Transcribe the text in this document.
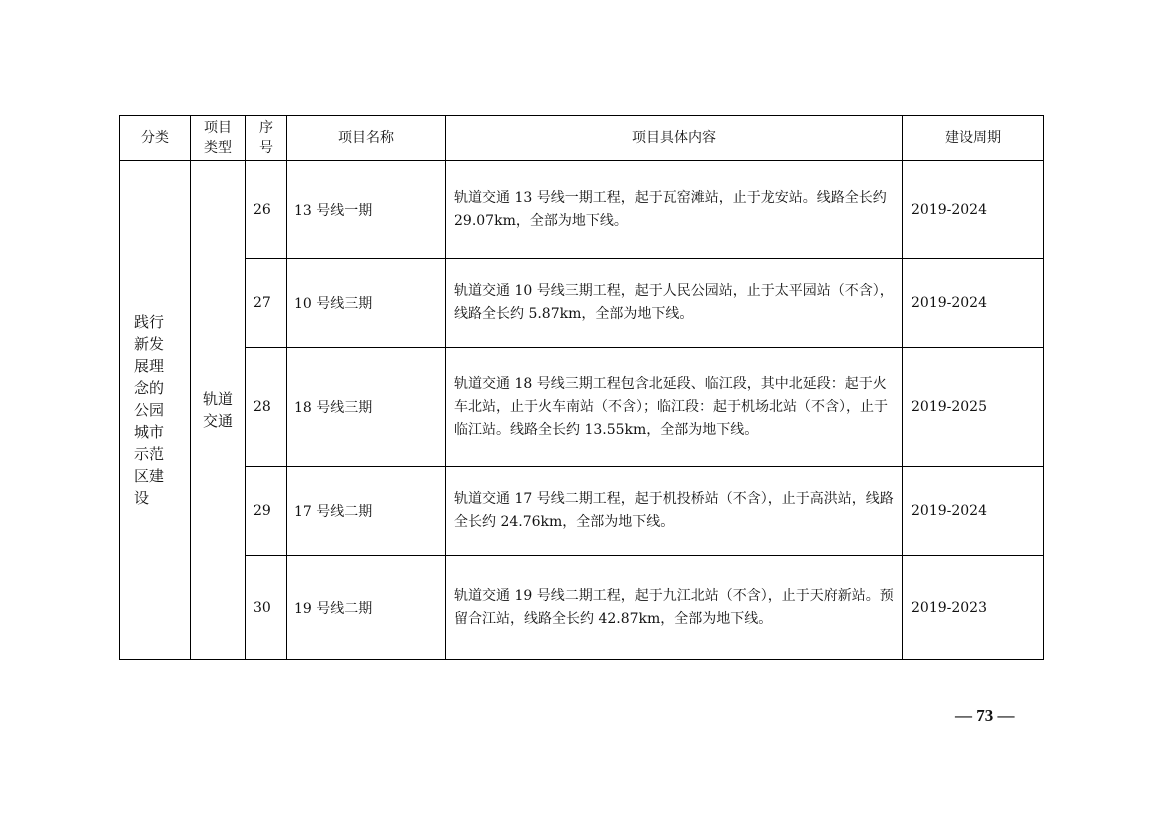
分类	项目类型	序号	项目名称	项目具体内容	建设周期

践行新发展理念的公园城市示范区建设	轨道交通	26	13 号线一期	轨道交通 13 号线一期工程，起于瓦窑滩站，止于龙安站。线路全长约 29.07km，全部为地下线。	2019-2024
		27	10 号线三期	轨道交通 10 号线三期工程，起于人民公园站，止于太平园站（不含），线路全长约 5.87km，全部为地下线。	2019-2024
		28	18 号线三期	轨道交通 18 号线三期工程包含北延段、临江段，其中北延段：起于火车北站，止于火车南站（不含）；临江段：起于机场北站（不含），止于临江站。线路全长约 13.55km，全部为地下线。	2019-2025
		29	17 号线二期	轨道交通 17 号线二期工程，起于机投桥站（不含），止于高洪站，线路全长约 24.76km，全部为地下线。	2019-2024
		30	19 号线二期	轨道交通 19 号线二期工程，起于九江北站（不含），止于天府新站。预留合江站，线路全长约 42.87km，全部为地下线。	2019-2023
— 73 —
